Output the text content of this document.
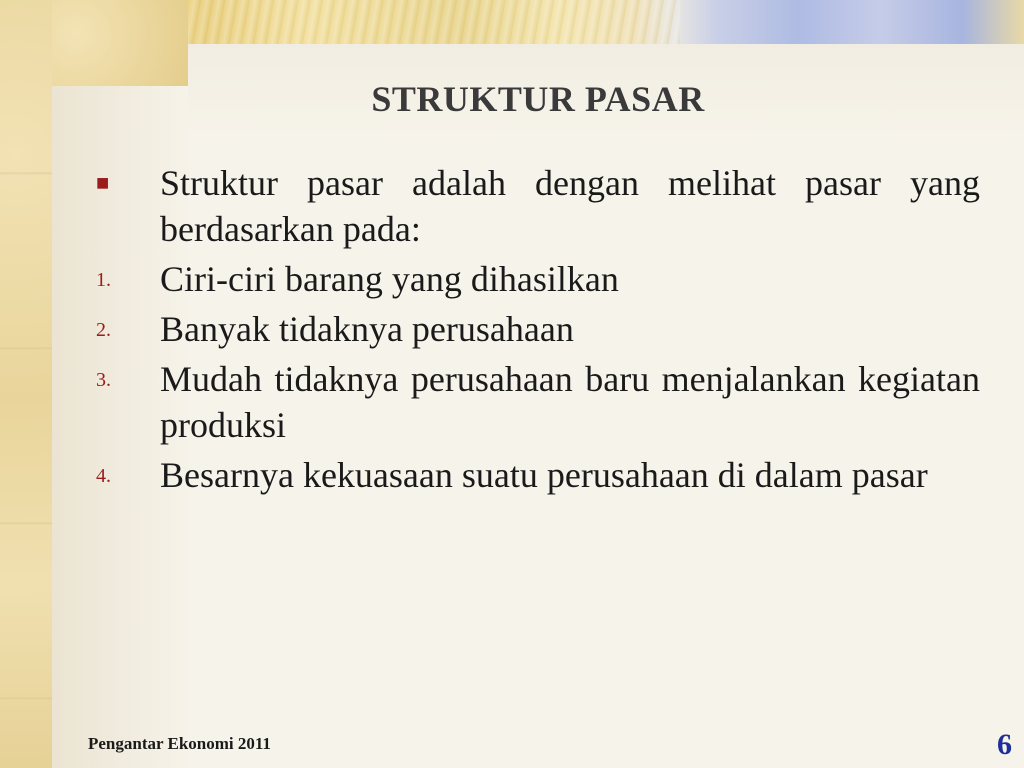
STRUKTUR PASAR
■	Struktur pasar adalah dengan melihat pasar yang berdasarkan pada:
1.	Ciri-ciri barang yang dihasilkan
2.	Banyak tidaknya perusahaan
3.	Mudah tidaknya perusahaan baru menjalankan kegiatan produksi
4.	Besarnya kekuasaan suatu perusahaan di dalam pasar
Pengantar Ekonomi 2011	6
